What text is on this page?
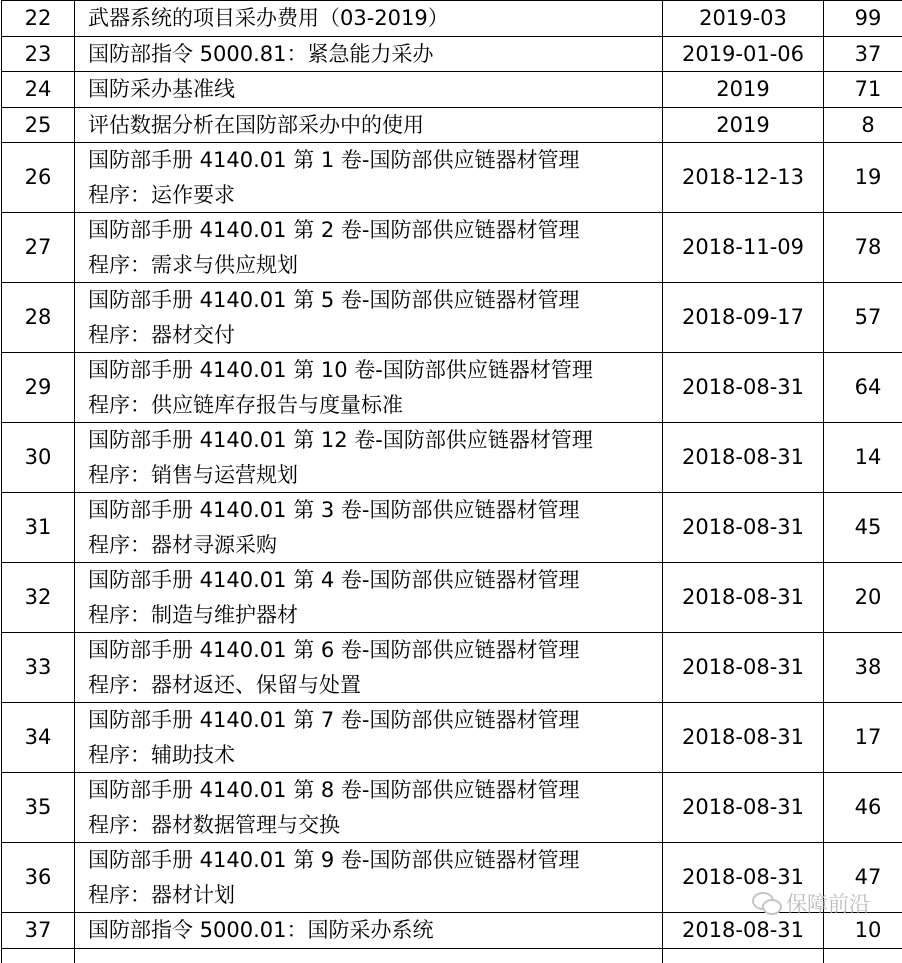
22	武器系统的项目采办费用（03-2019）	2019-03	99
23	国防部指令 5000.81：紧急能力采办	2019-01-06	37
24	国防采办基准线	2019	71
25	评估数据分析在国防部采办中的使用	2019	8
26	国防部手册 4140.01 第 1 卷-国防部供应链器材管理
程序：运作要求	2018-12-13	19
27	国防部手册 4140.01 第 2 卷-国防部供应链器材管理
程序：需求与供应规划	2018-11-09	78
28	国防部手册 4140.01 第 5 卷-国防部供应链器材管理
程序：器材交付	2018-09-17	57
29	国防部手册 4140.01 第 10 卷-国防部供应链器材管理
程序：供应链库存报告与度量标准	2018-08-31	64
30	国防部手册 4140.01 第 12 卷-国防部供应链器材管理
程序：销售与运营规划	2018-08-31	14
31	国防部手册 4140.01 第 3 卷-国防部供应链器材管理
程序：器材寻源采购	2018-08-31	45
32	国防部手册 4140.01 第 4 卷-国防部供应链器材管理
程序：制造与维护器材	2018-08-31	20
33	国防部手册 4140.01 第 6 卷-国防部供应链器材管理
程序：器材返还、保留与处置	2018-08-31	38
34	国防部手册 4140.01 第 7 卷-国防部供应链器材管理
程序：辅助技术	2018-08-31	17
35	国防部手册 4140.01 第 8 卷-国防部供应链器材管理
程序：器材数据管理与交换	2018-08-31	46
36	国防部手册 4140.01 第 9 卷-国防部供应链器材管理
程序：器材计划	2018-08-31	47
37	国防部指令 5000.01：国防采办系统	2018-08-31	10

保障前沿
